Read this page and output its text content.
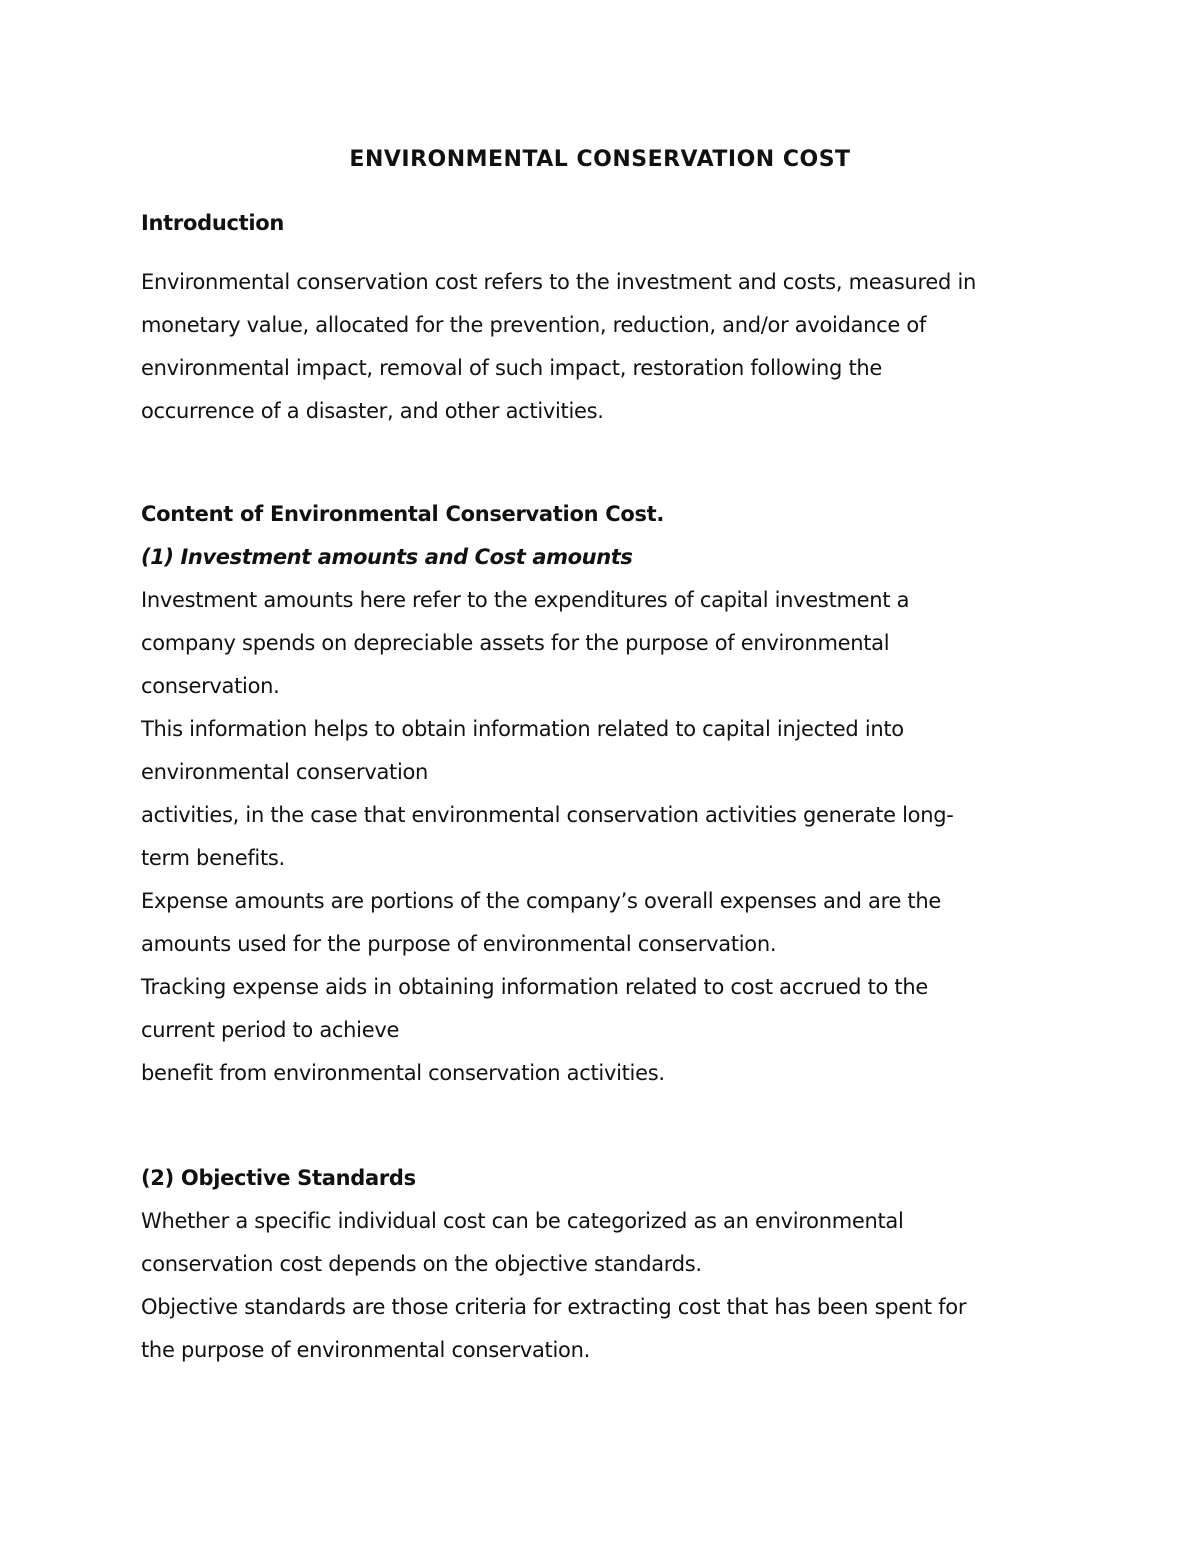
ENVIRONMENTAL CONSERVATION COST
Introduction
Environmental conservation cost refers to the investment and costs, measured in
monetary value, allocated for the prevention, reduction, and/or avoidance of
environmental impact, removal of such impact, restoration following the
occurrence of a disaster, and other activities.
Content of Environmental Conservation Cost.
(1) Investment amounts and Cost amounts
Investment amounts here refer to the expenditures of capital investment a
company spends on depreciable assets for the purpose of environmental
conservation.
This information helps to obtain information related to capital injected into
environmental conservation
activities, in the case that environmental conservation activities generate long-
term benefits.
Expense amounts are portions of the company’s overall expenses and are the
amounts used for the purpose of environmental conservation.
Tracking expense aids in obtaining information related to cost accrued to the
current period to achieve
benefit from environmental conservation activities.
(2) Objective Standards
Whether a specific individual cost can be categorized as an environmental
conservation cost depends on the objective standards.
Objective standards are those criteria for extracting cost that has been spent for
the purpose of environmental conservation.
